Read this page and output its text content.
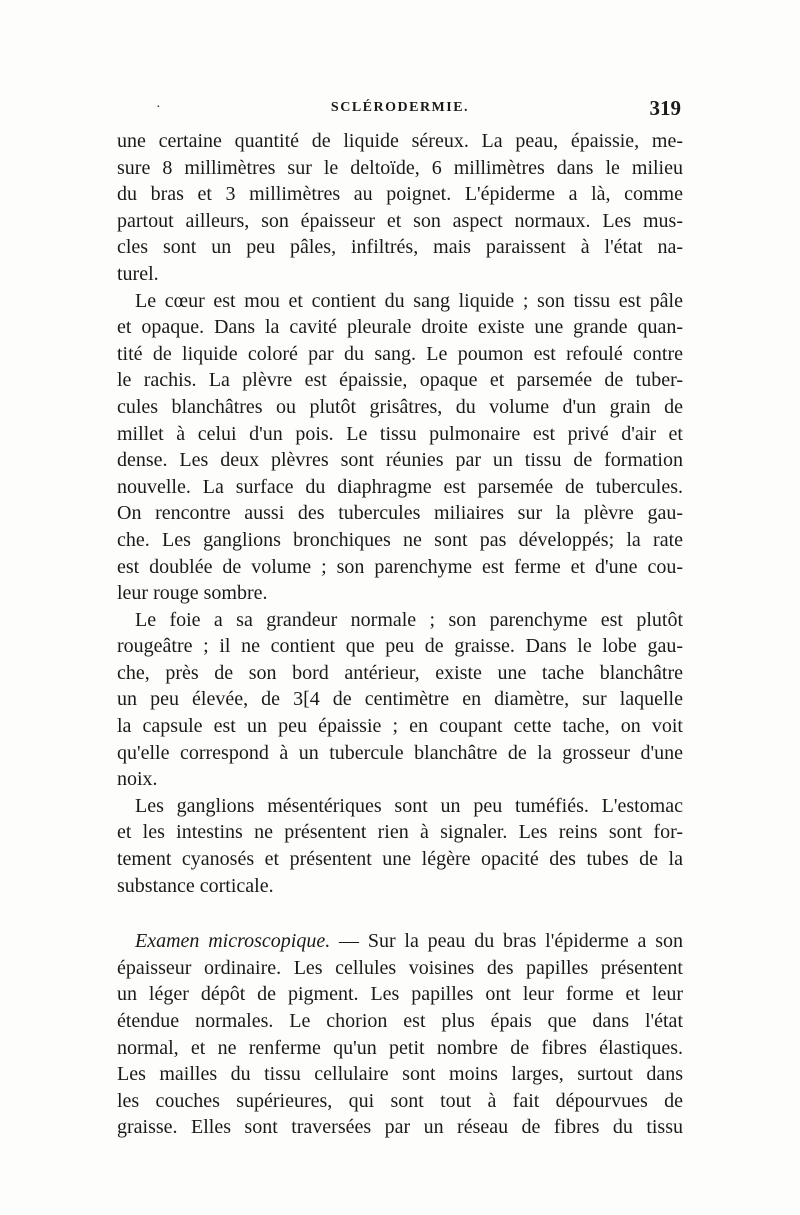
·	SCLÉRODERMIE.	319
une certaine quantité de liquide séreux. La peau, épaissie, me-
sure 8 millimètres sur le deltoïde, 6 millimètres dans le milieu
du bras et 3 millimètres au poignet. L'épiderme a là, comme
partout ailleurs, son épaisseur et son aspect normaux. Les mus-
cles sont un peu pâles, infiltrés, mais paraissent à l'état na-
turel.
Le cœur est mou et contient du sang liquide ; son tissu est pâle
et opaque. Dans la cavité pleurale droite existe une grande quan-
tité de liquide coloré par du sang. Le poumon est refoulé contre
le rachis. La plèvre est épaissie, opaque et parsemée de tuber-
cules blanchâtres ou plutôt grisâtres, du volume d'un grain de
millet à celui d'un pois. Le tissu pulmonaire est privé d'air et
dense. Les deux plèvres sont réunies par un tissu de formation
nouvelle. La surface du diaphragme est parsemée de tubercules.
On rencontre aussi des tubercules miliaires sur la plèvre gau-
che. Les ganglions bronchiques ne sont pas développés; la rate
est doublée de volume ; son parenchyme est ferme et d'une cou-
leur rouge sombre.
Le foie a sa grandeur normale ; son parenchyme est plutôt
rougeâtre ; il ne contient que peu de graisse. Dans le lobe gau-
che, près de son bord antérieur, existe une tache blanchâtre
un peu élevée, de 3[4 de centimètre en diamètre, sur laquelle
la capsule est un peu épaissie ; en coupant cette tache, on voit
qu'elle correspond à un tubercule blanchâtre de la grosseur d'une
noix.
Les ganglions mésentériques sont un peu tuméfiés. L'estomac
et les intestins ne présentent rien à signaler. Les reins sont for-
tement cyanosés et présentent une légère opacité des tubes de la
substance corticale.
Examen microscopique. — Sur la peau du bras l'épiderme a son
épaisseur ordinaire. Les cellules voisines des papilles présentent
un léger dépôt de pigment. Les papilles ont leur forme et leur
étendue normales. Le chorion est plus épais que dans l'état
normal, et ne renferme qu'un petit nombre de fibres élastiques.
Les mailles du tissu cellulaire sont moins larges, surtout dans
les couches supérieures, qui sont tout à fait dépourvues de
graisse. Elles sont traversées par un réseau de fibres du tissu
